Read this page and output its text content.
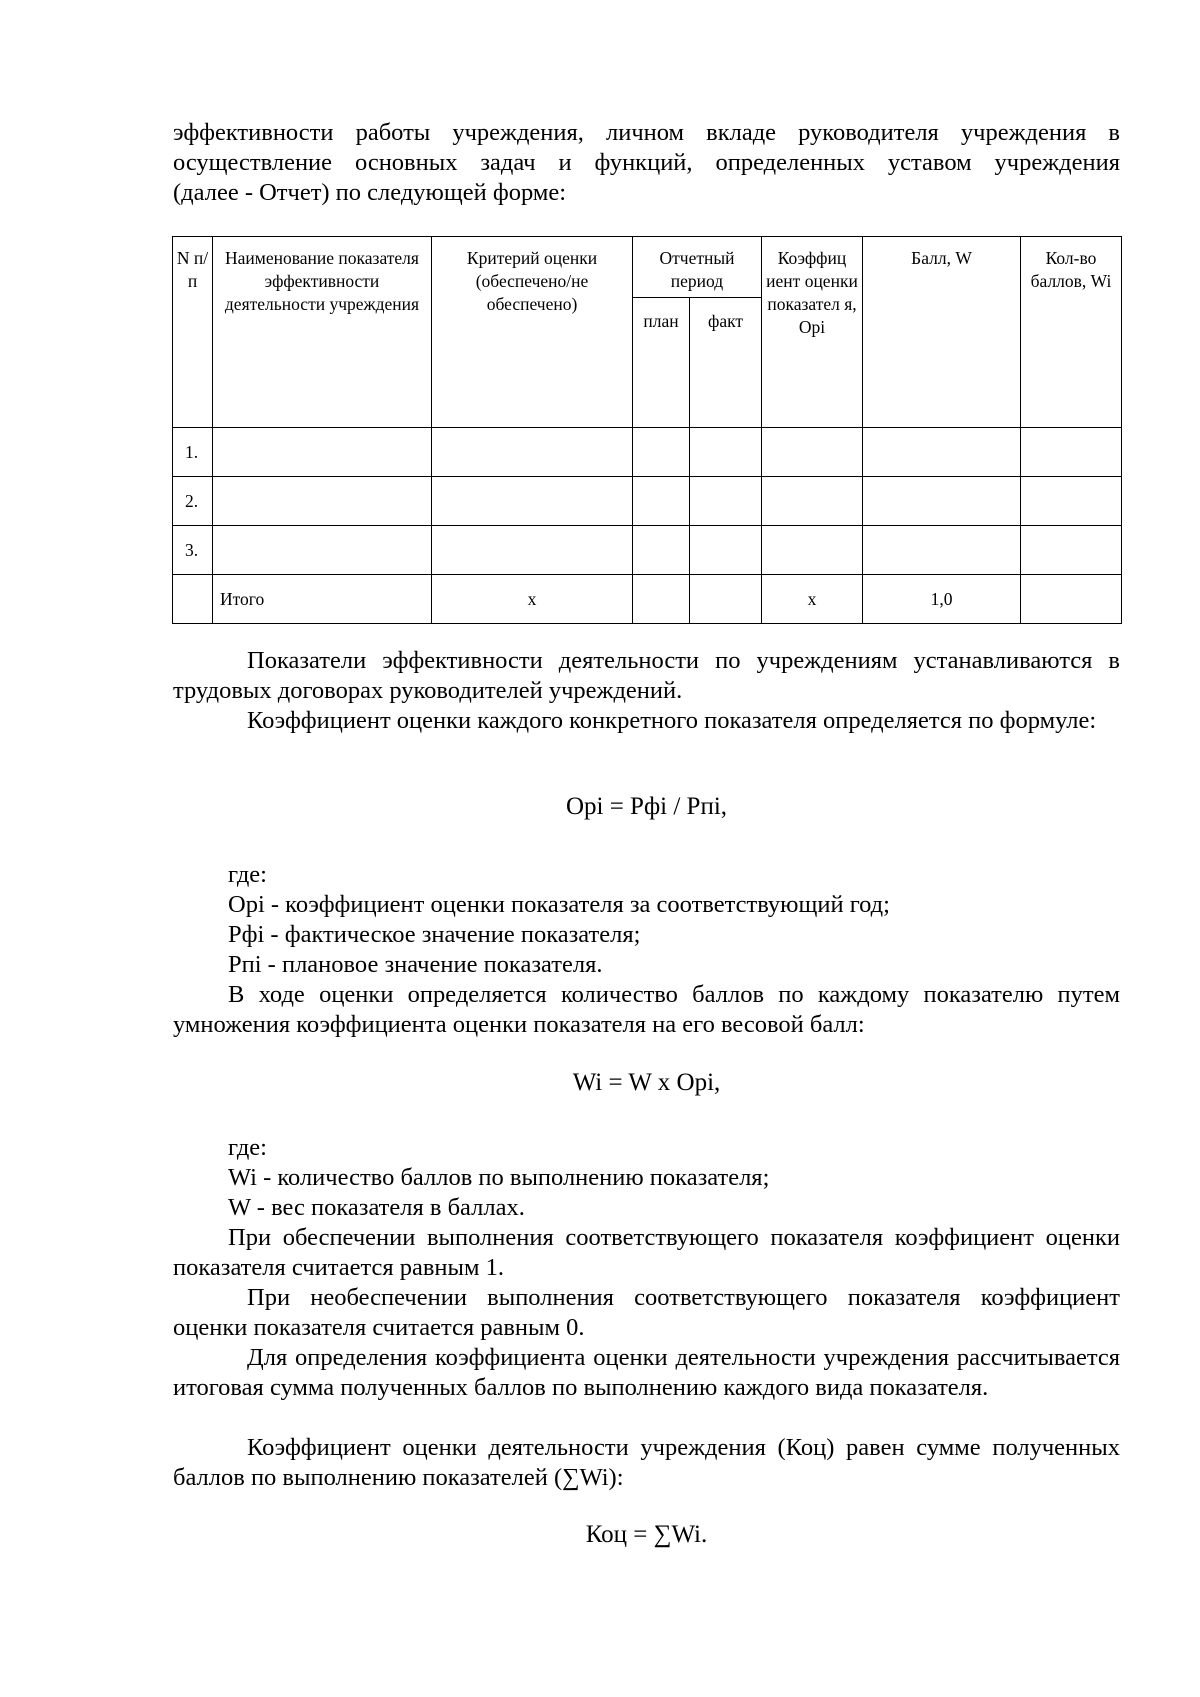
эффективности работы учреждения, личном вкладе руководителя учреждения в

осуществление основных задач и функций, определенных уставом учреждения

(далее - Отчет) по следующей форме:

N п/п	Наименование показателя эффективности деятельности учреждения	Критерий оценки (обеспечено/не обеспечено)	Отчетный период		Коэффиц иент оценки показател я, Орi	Балл, W	Кол-во баллов, Wi
			план	факт			
1.							
2.							
3.							
	Итого	х			х	1,0	

Показатели эффективности деятельности по учреждениям устанавливаются в трудовых договорах руководителей учреждений.

Коэффициент оценки каждого конкретного показателя определяется по формуле:

Орi = Рфi / Рпi,

где:

Орi - коэффициент оценки показателя за соответствующий год;

Рфi - фактическое значение показателя;

Рпi - плановое значение показателя.

В ходе оценки определяется количество баллов по каждому показателю путем умножения коэффициента оценки показателя на его весовой балл:

Wi = W x Орi,

где:

Wi - количество баллов по выполнению показателя;

W - вес показателя в баллах.

При обеспечении выполнения соответствующего показателя коэффициент оценки показателя считается равным 1.

При необеспечении выполнения соответствующего показателя коэффициент оценки показателя считается равным 0.

Для определения коэффициента оценки деятельности учреждения рассчитывается итоговая сумма полученных баллов по выполнению каждого вида показателя.

Коэффициент оценки деятельности учреждения (Коц) равен сумме полученных баллов по выполнению показателей (∑Wi):

Коц = ∑Wi.
